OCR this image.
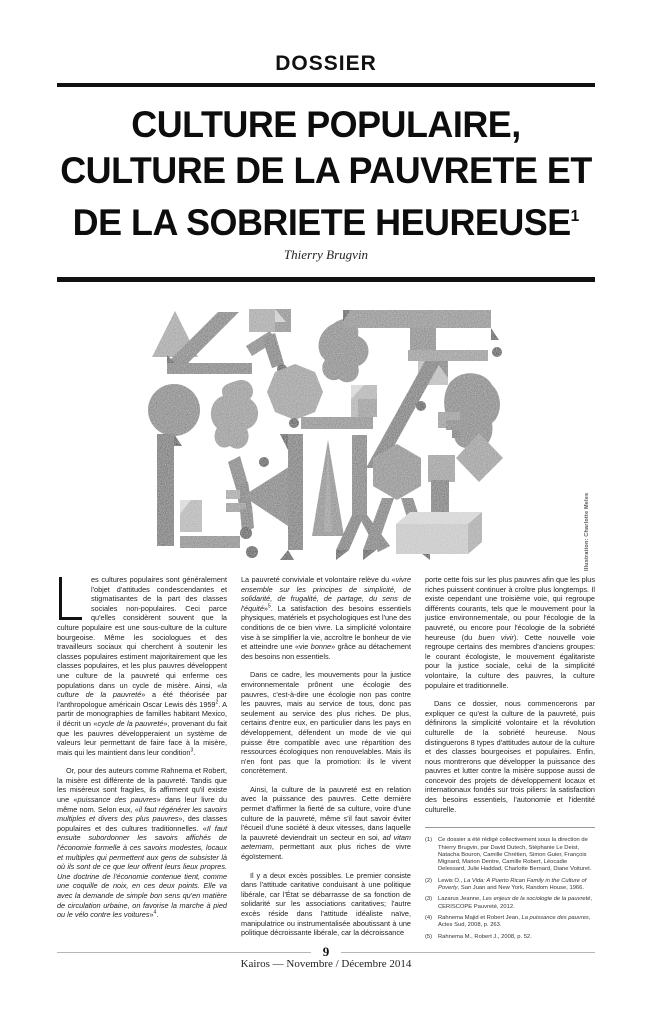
DOSSIER
CULTURE POPULAIRE,
CULTURE DE LA PAUVRETE ET
DE LA SOBRIETE HEUREUSE$^1$
Thierry Brugvin
Illustration: Charlotte Meles

es cultures populaires sont généralement l'objet d'attitudes condescendantes et stigmatisantes de la part des classes sociales non-populaires. Ceci parce qu'elles considèrent souvent que la culture populaire est une sous-culture de la culture bourgeoise. Même les sociologues et des travailleurs sociaux qui cherchent à soutenir les classes populaires estiment majoritairement que les classes populaires, et les plus pauvres développent une culture de la pauvreté qui enferme ces populations dans un cycle de misère. Ainsi, «la culture de la pauvreté» a été théorisée par l'anthropologue américain Oscar Lewis dès 1959$^2$. A partir de monographies de familles habitant Mexico, il décrit un «cycle de la pauvreté», provenant du fait que les pauvres développeraient un système de valeurs leur permettant de faire face à la misère, mais qui les maintient dans leur condition$^3$.

Or, pour des auteurs comme Rahnema et Robert, la misère est différente de la pauvreté. Tandis que les miséreux sont fragiles, ils affirment qu'il existe une «puissance des pauvres» dans leur livre du même nom. Selon eux, «il faut régénérer les savoirs multiples et divers des plus pauvres», des classes populaires et des cultures traditionnelles. «Il faut ensuite subordonner les savoirs affichés de l'économie formelle à ces savoirs modestes, locaux et multiples qui permettent aux gens de subsister là où ils sont de ce que leur offrent leurs lieux propres. Une doctrine de l'économie contenue tient, comme une coquille de noix, en ces deux points. Elle va avec la demande de simple bon sens qu'en matière de circulation urbaine, on favorise la marche à pied ou le vélo contre les voitures»$^4$.

La pauvreté conviviale et volontaire relève du «vivre ensemble sur les principes de simplicité, de solidarité, de frugalité, de partage, du sens de l'équité»$^5$. La satisfaction des besoins essentiels physiques, matériels et psychologiques est l'une des conditions de ce bien vivre. La simplicité volontaire vise à se simplifier la vie, accroître le bonheur de vie et atteindre une «vie bonne» grâce au détachement des besoins non essentiels.

Dans ce cadre, les mouvements pour la justice environnementale prônent une écologie des pauvres, c'est-à-dire une écologie non pas contre les pauvres, mais au service de tous, donc pas seulement au service des plus riches. De plus, certains d'entre eux, en particulier dans les pays en développement, défendent un mode de vie qui puisse être compatible avec une répartition des ressources écologiques non renouvelables. Mais ils n'en font pas que la promotion: ils le vivent concrètement.

Ainsi, la culture de la pauvreté est en relation avec la puissance des pauvres. Cette dernière permet d'affirmer la fierté de sa culture, voire d'une culture de la pauvreté, même s'il faut savoir éviter l'écueil d'une société à deux vitesses, dans laquelle la pauvreté deviendrait un secteur en soi, ad vitam aeternam, permettant aux plus riches de vivre égoïstement.

Il y a deux excès possibles. Le premier consiste dans l'attitude caritative conduisant à une politique libérale, car l'État se débarrasse de sa fonction de solidarité sur les associations caritatives; l'autre excès réside dans l'attitude idéaliste naïve, manipulatrice ou instrumentalisée aboutissant à une politique décroissante libérale, car la décroissance

porte cette fois sur les plus pauvres afin que les plus riches puissent continuer à croître plus longtemps. Il existe cependant une troisième voie, qui regroupe différents courants, tels que le mouvement pour la justice environnementale, ou pour l'écologie de la pauvreté, ou encore pour l'écologie de la sobriété heureuse (du buen vivir). Cette nouvelle voie regroupe certains des membres d'anciens groupes: le courant écologiste, le mouvement égalitariste pour la justice sociale, celui de la simplicité volontaire, la culture des pauvres, la culture populaire et traditionnelle.

Dans ce dossier, nous commencerons par expliquer ce qu'est la culture de la pauvreté, puis définirons la simplicité volontaire et la révolution culturelle de la sobriété heureuse. Nous distinguerons 8 types d'attitudes autour de la culture et des classes bourgeoises et populaires. Enfin, nous montrerons que développer la puissance des pauvres et lutter contre la misère suppose aussi de concevoir des projets de développement locaux et internationaux fondés sur trois piliers: la satisfaction des besoins essentiels, l'autonomie et l'identité culturelle.

(1)	Ce dossier a été rédigé collectivement sous la direction de Thierry Brugvin, par David Dutech, Stéphanie Le Deist, Natacha Bouron, Camille Chrétien, Simon Guier, François Mignard, Marion Dentre, Camille Robert, Léocadie Delessard, Julie Haddad, Charlotte Bernard, Diane Voituret.
(2)	Lewis O., La Vida: A Puerto Rican Family in the Culture of Poverty, San Juan and New York, Random House, 1966.
(3)	Lazarus Jeanne, Les enjeux de la sociologie de la pauvreté, CERISCOPE Pauvreté, 2012.
(4)	Rahnema Majid et Robert Jean, La puissance des pauvres, Actes Sud, 2008, p. 263.
(5)	Rahnema M., Robert J., 2008, p. 52.
9
Kairos — Novembre / Décembre 2014
